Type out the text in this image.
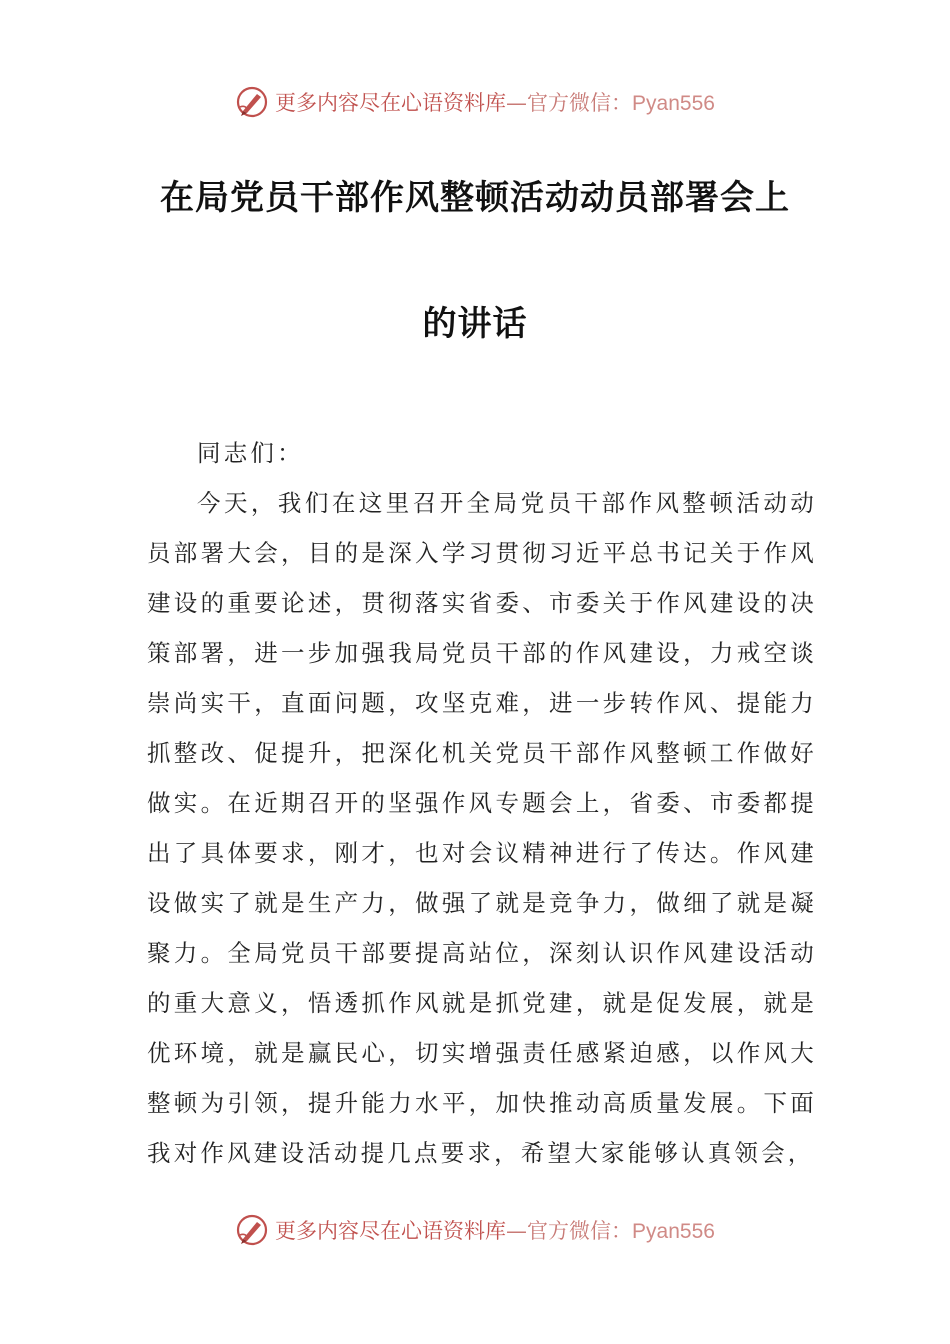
更多内容尽在心语资料库—官方微信：Pyan556
在局党员干部作风整顿活动动员部署会上
的讲话

同志们：

今天，我们在这里召开全局党员干部作风整顿活动动员部署大会，目的是深入学习贯彻习近平总书记关于作风建设的重要论述，贯彻落实省委、市委关于作风建设的决策部署，进一步加强我局党员干部的作风建设，力戒空谈崇尚实干，直面问题，攻坚克难，进一步转作风、提能力抓整改、促提升，把深化机关党员干部作风整顿工作做好做实。在近期召开的坚强作风专题会上，省委、市委都提出了具体要求，刚才，也对会议精神进行了传达。作风建设做实了就是生产力，做强了就是竞争力，做细了就是凝聚力。全局党员干部要提高站位，深刻认识作风建设活动的重大意义，悟透抓作风就是抓党建，就是促发展，就是优环境，就是赢民心，切实增强责任感紧迫感，以作风大整顿为引领，提升能力水平，加快推动高质量发展。下面我对作风建设活动提几点要求，希望大家能够认真领会，

更多内容尽在心语资料库—官方微信：Pyan556
